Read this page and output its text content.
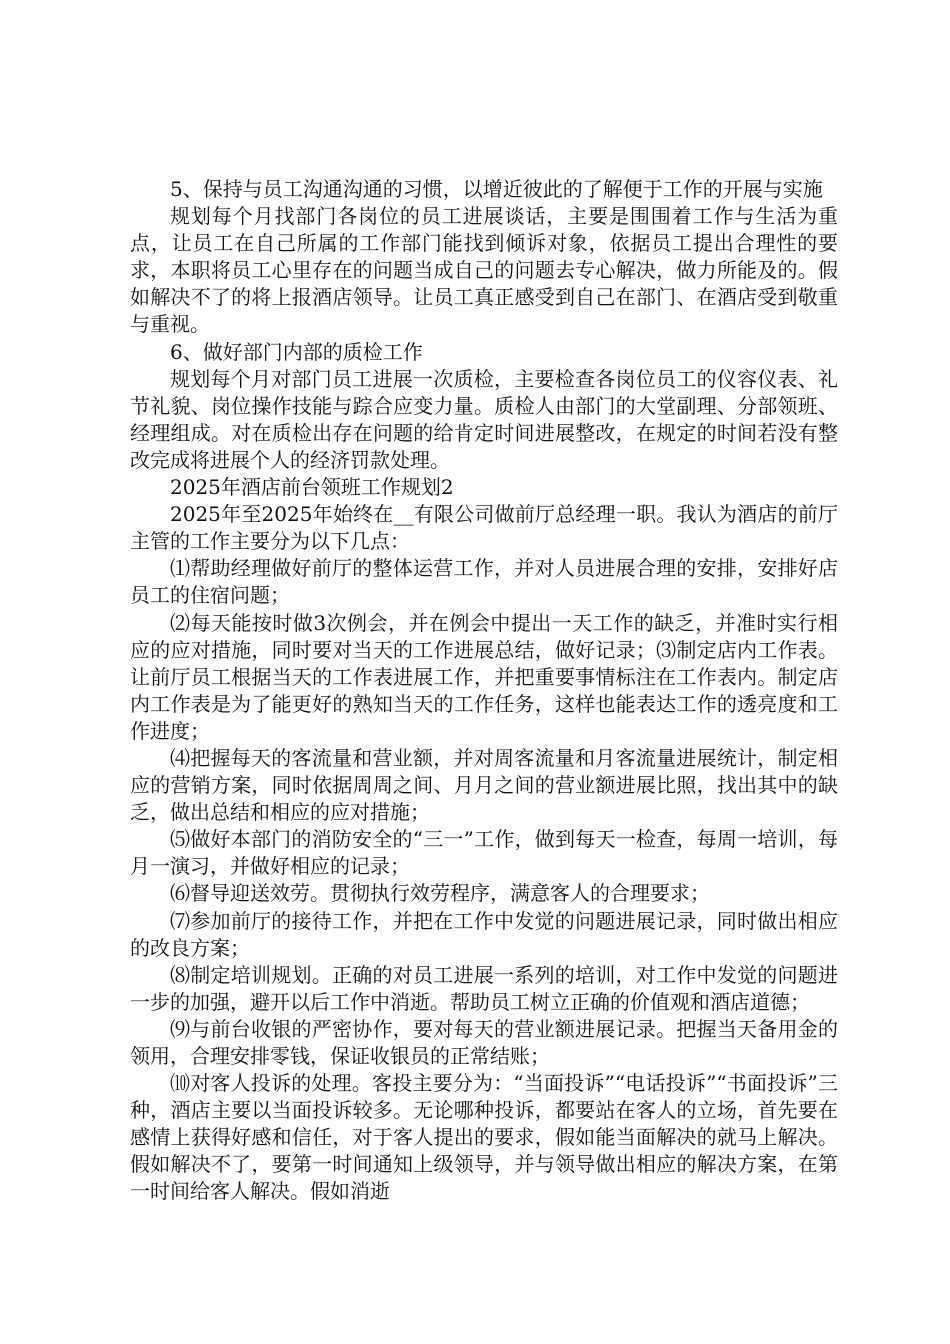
5、保持与员工沟通沟通的习惯，以增近彼此的了解便于工作的开展与实施

规划每个月找部门各岗位的员工进展谈话，主要是围围着工作与生活为重点，让员工在自己所属的工作部门能找到倾诉对象，依据员工提出合理性的要求，本职将员工心里存在的问题当成自己的问题去专心解决，做力所能及的。假如解决不了的将上报酒店领导。让员工真正感受到自己在部门、在酒店受到敬重与重视。

6、做好部门内部的质检工作

规划每个月对部门员工进展一次质检，主要检查各岗位员工的仪容仪表、礼节礼貌、岗位操作技能与踪合应变力量。质检人由部门的大堂副理、分部领班、经理组成。对在质检出存在问题的给肯定时间进展整改，在规定的时间若没有整改完成将进展个人的经济罚款处理。

2025年酒店前台领班工作规划2

2025年至2025年始终在__有限公司做前厅总经理一职。我认为酒店的前厅主管的工作主要分为以下几点：

⑴帮助经理做好前厅的整体运营工作，并对人员进展合理的安排，安排好店员工的住宿问题；

⑵每天能按时做3次例会，并在例会中提出一天工作的缺乏，并准时实行相应的应对措施，同时要对当天的工作进展总结，做好记录；⑶制定店内工作表。让前厅员工根据当天的工作表进展工作，并把重要事情标注在工作表内。制定店内工作表是为了能更好的熟知当天的工作任务，这样也能表达工作的透亮度和工作进度；

⑷把握每天的客流量和营业额，并对周客流量和月客流量进展统计，制定相应的营销方案，同时依据周周之间、月月之间的营业额进展比照，找出其中的缺乏，做出总结和相应的应对措施；

⑸做好本部门的消防安全的“三一”工作，做到每天一检查，每周一培训，每月一演习，并做好相应的记录；

⑹督导迎送效劳。贯彻执行效劳程序，满意客人的合理要求；

⑺参加前厅的接待工作，并把在工作中发觉的问题进展记录，同时做出相应的改良方案；

⑻制定培训规划。正确的对员工进展一系列的培训，对工作中发觉的问题进一步的加强，避开以后工作中消逝。帮助员工树立正确的价值观和酒店道德；

⑼与前台收银的严密协作，要对每天的营业额进展记录。把握当天备用金的领用，合理安排零钱，保证收银员的正常结账；

⑽对客人投诉的处理。客投主要分为：“当面投诉”“电话投诉”“书面投诉”三种，酒店主要以当面投诉较多。无论哪种投诉，都要站在客人的立场，首先要在感情上获得好感和信任，对于客人提出的要求，假如能当面解决的就马上解决。假如解决不了，要第一时间通知上级领导，并与领导做出相应的解决方案，在第一时间给客人解决。假如消逝
